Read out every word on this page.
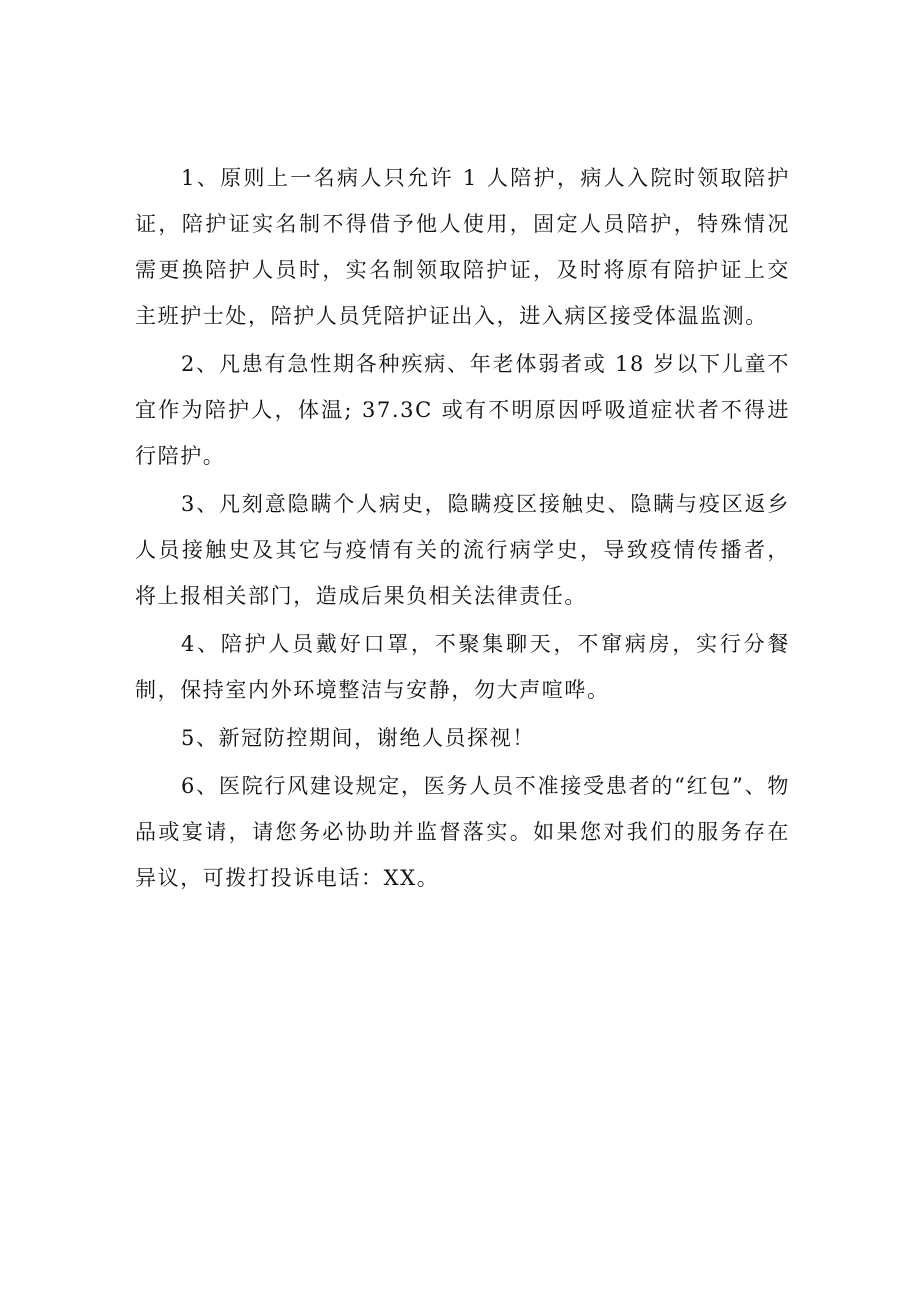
1、原则上一名病人只允许 1 人陪护，病人入院时领取陪护证，陪护证实名制不得借予他人使用，固定人员陪护，特殊情况需更换陪护人员时，实名制领取陪护证，及时将原有陪护证上交主班护士处，陪护人员凭陪护证出入，进入病区接受体温监测。

2、凡患有急性期各种疾病、年老体弱者或 18 岁以下儿童不宜作为陪护人，体温; 37.3C 或有不明原因呼吸道症状者不得进行陪护。

3、凡刻意隐瞒个人病史，隐瞒疫区接触史、隐瞒与疫区返乡人员接触史及其它与疫情有关的流行病学史，导致疫情传播者，将上报相关部门，造成后果负相关法律责任。

4、陪护人员戴好口罩，不聚集聊天，不窜病房，实行分餐制，保持室内外环境整洁与安静，勿大声喧哗。

5、新冠防控期间，谢绝人员探视！

6、医院行风建设规定，医务人员不准接受患者的“红包”、物品或宴请，请您务必协助并监督落实。如果您对我们的服务存在异议，可拨打投诉电话：XX。
